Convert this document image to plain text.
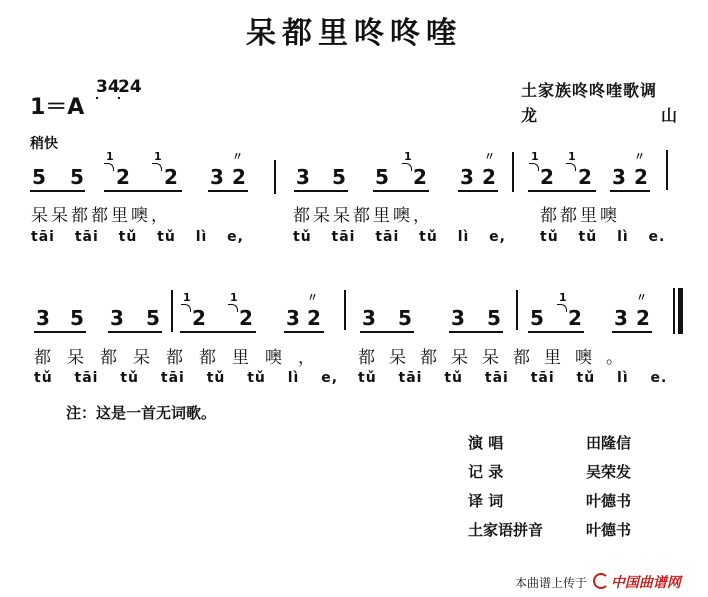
呆都里咚咚喹
1＝A
3
4
2
4	土家族咚咚喹歌调
龙	山
稍快
5 5
1
2
1
2
〃
3 2	3 5 5
1
2
〃
3 2
1
2
1
2
〃
3 2
呆呆都都里噢，	都呆呆都里噢，	都都里噢
tāi tāi tǔ tǔ lì e,	tǔ tāi tāi tǔ lì e, tǔ tǔ lì e.
3 5 3 5
1
2
1
2
〃
3 2 3 5 3 5 5
1
2
〃
3 2
都呆都呆都都里噢， 都呆都呆呆都里噢。
tǔ tāi tǔ tāi tǔ tǔ lì e, tǔ tāi tǔ tāi tāi tǔ lì e.
注：这是一首无词歌。
演 唱	田隆信
记 录	吴荣发
译 词	叶德书
土家语拼音	叶德书
本曲谱上传于 中国曲谱网
